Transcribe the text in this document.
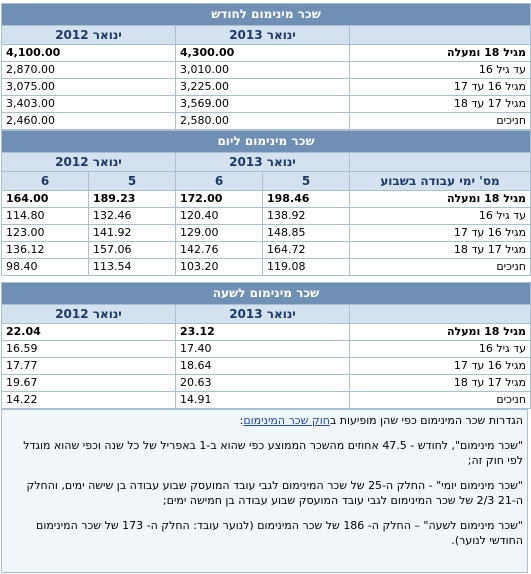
שכר מינימום לחודש		
	ינואר 2013	ינואר 2012
מגיל 18 ומעלה	4,300.00	4,100.00
עד גיל 16	3,010.00	2,870.00
מגיל 16 עד 17	3,225.00	3,075.00
מגיל 17 עד 18	3,569.00	3,403.00
חניכים	2,580.00	2,460.00
שכר מינימום ליום				
	ינואר 2013		ינואר 2012	
מס' ימי עבודה בשבוע	5	6	5	6
מגיל 18 ומעלה	198.46	172.00	189.23	164.00
עד גיל 16	138.92	120.40	132.46	114.80
מגיל 16 עד 17	148.85	129.00	141.92	123.00
מגיל 17 עד 18	164.72	142.76	157.06	136.12
חניכים	119.08	103.20	113.54	98.40
שכר מינימום לשעה		
	ינואר 2013	ינואר 2012
מגיל 18 ומעלה	23.12	22.04
עד גיל 16	17.40	16.59
מגיל 16 עד 17	18.64	17.77
מגיל 17 עד 18	20.63	19.67
חניכים	14.91	14.22

הגדרות שכר המינימום כפי שהן מופיעות בחוק שכר המינימום:

"שכר מינימום", לחודש - 47.5 אחוזים מהשכר הממוצע כפי שהוא ב-1 באפריל של כל שנה וכפי שהוא מוגדל לפי חוק זה;

"שכר מינימום יומי" - החלק ה-25 של שכר המינימום לגבי עובד המועסק שבוע עבודה בן שישה ימים, והחלק ה-21 2/3 של שכר המינימום לגבי עובד המועסק שבוע עבודה בן חמישה ימים;

"שכר מינימום לשעה" – החלק ה- 186 של שכר המינימום (לנוער עובד: החלק ה- 173 של שכר המינימום החודשי לנוער).
